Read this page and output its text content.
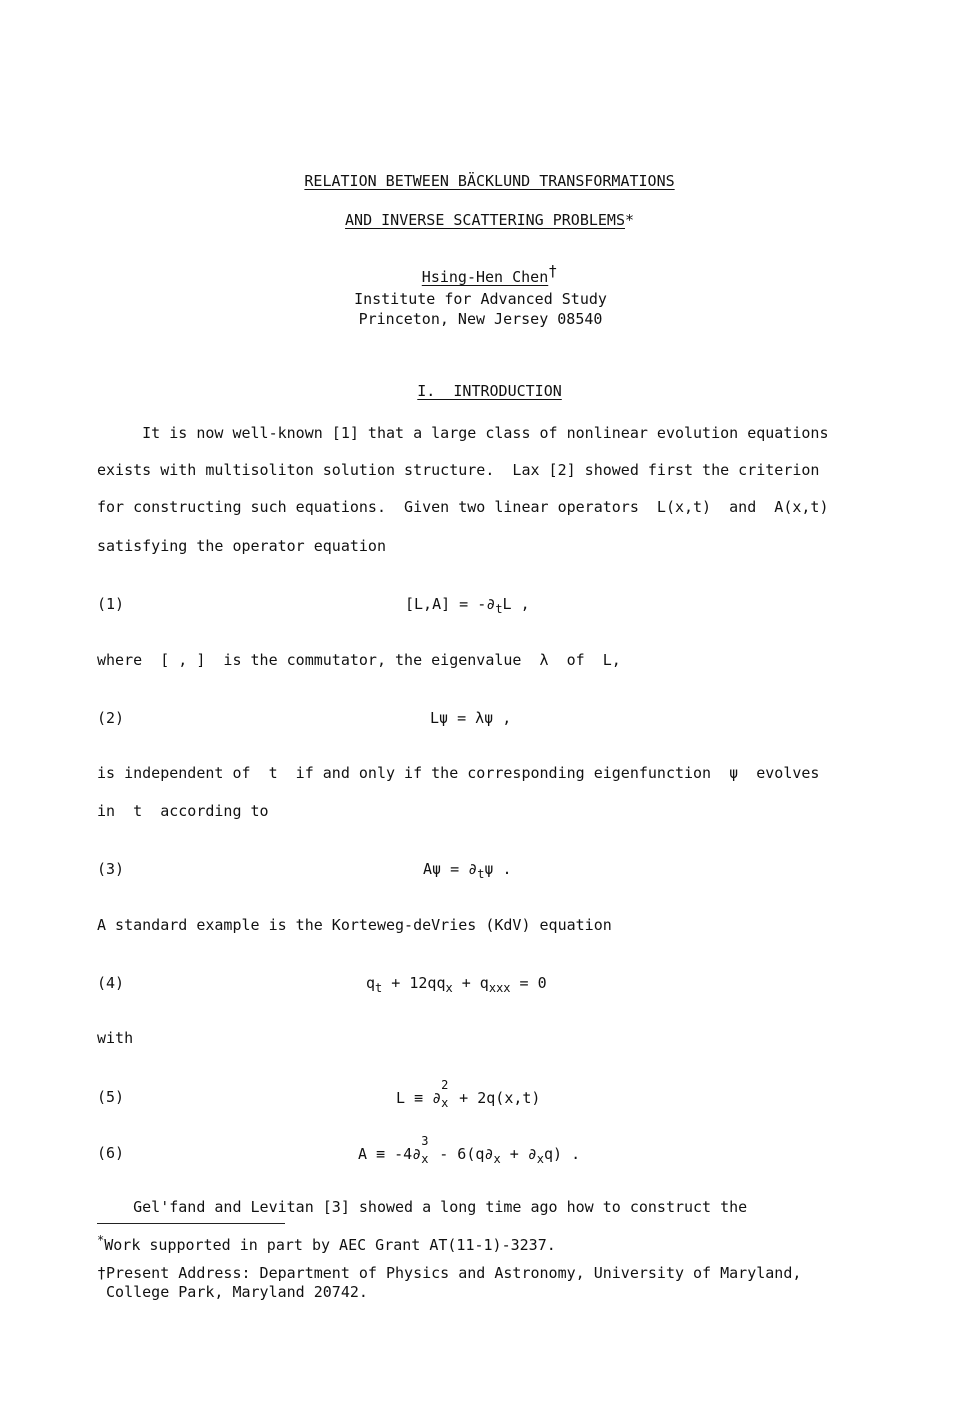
RELATION BETWEEN BÄCKLUND TRANSFORMATIONS

AND INVERSE SCATTERING PROBLEMS*

Hsing-Hen Chen†

Institute for Advanced Study
Princeton, New Jersey 08540

I.  INTRODUCTION

It is now well-known [1] that a large class of nonlinear evolution equations
exists with multisoliton solution structure.  Lax [2] showed first the criterion
for constructing such equations.  Given two linear operators  L(x,t)  and  A(x,t)
satisfying the operator equation
(1)	$[L,A] = -\partial_tL$ ,
where  [ , ]  is the commutator, the eigenvalue  λ  of  L,
(2)	Lψ = λψ ,
is independent of  t  if and only if the corresponding eigenfunction  ψ  evolves
in  t  according to
(3)	$A\psi = \partial_t\psi$ .
A standard example is the Korteweg-deVries (KdV) equation
(4)	$q_t + 12qq_x + q_{xxx} = 0$
with
(5)	L ≡ ∂
2
x + 2q(x,t)
(6)	A ≡ -4∂
3
$x - 6(q\partial_x + \partial_xq)$ .
Gel'fand and Levitan [3] showed a long time ago how to construct the
*Work supported in part by AEC Grant AT(11-1)-3237.
†Present Address: Department of Physics and Astronomy, University of Maryland,
College Park, Maryland 20742.
